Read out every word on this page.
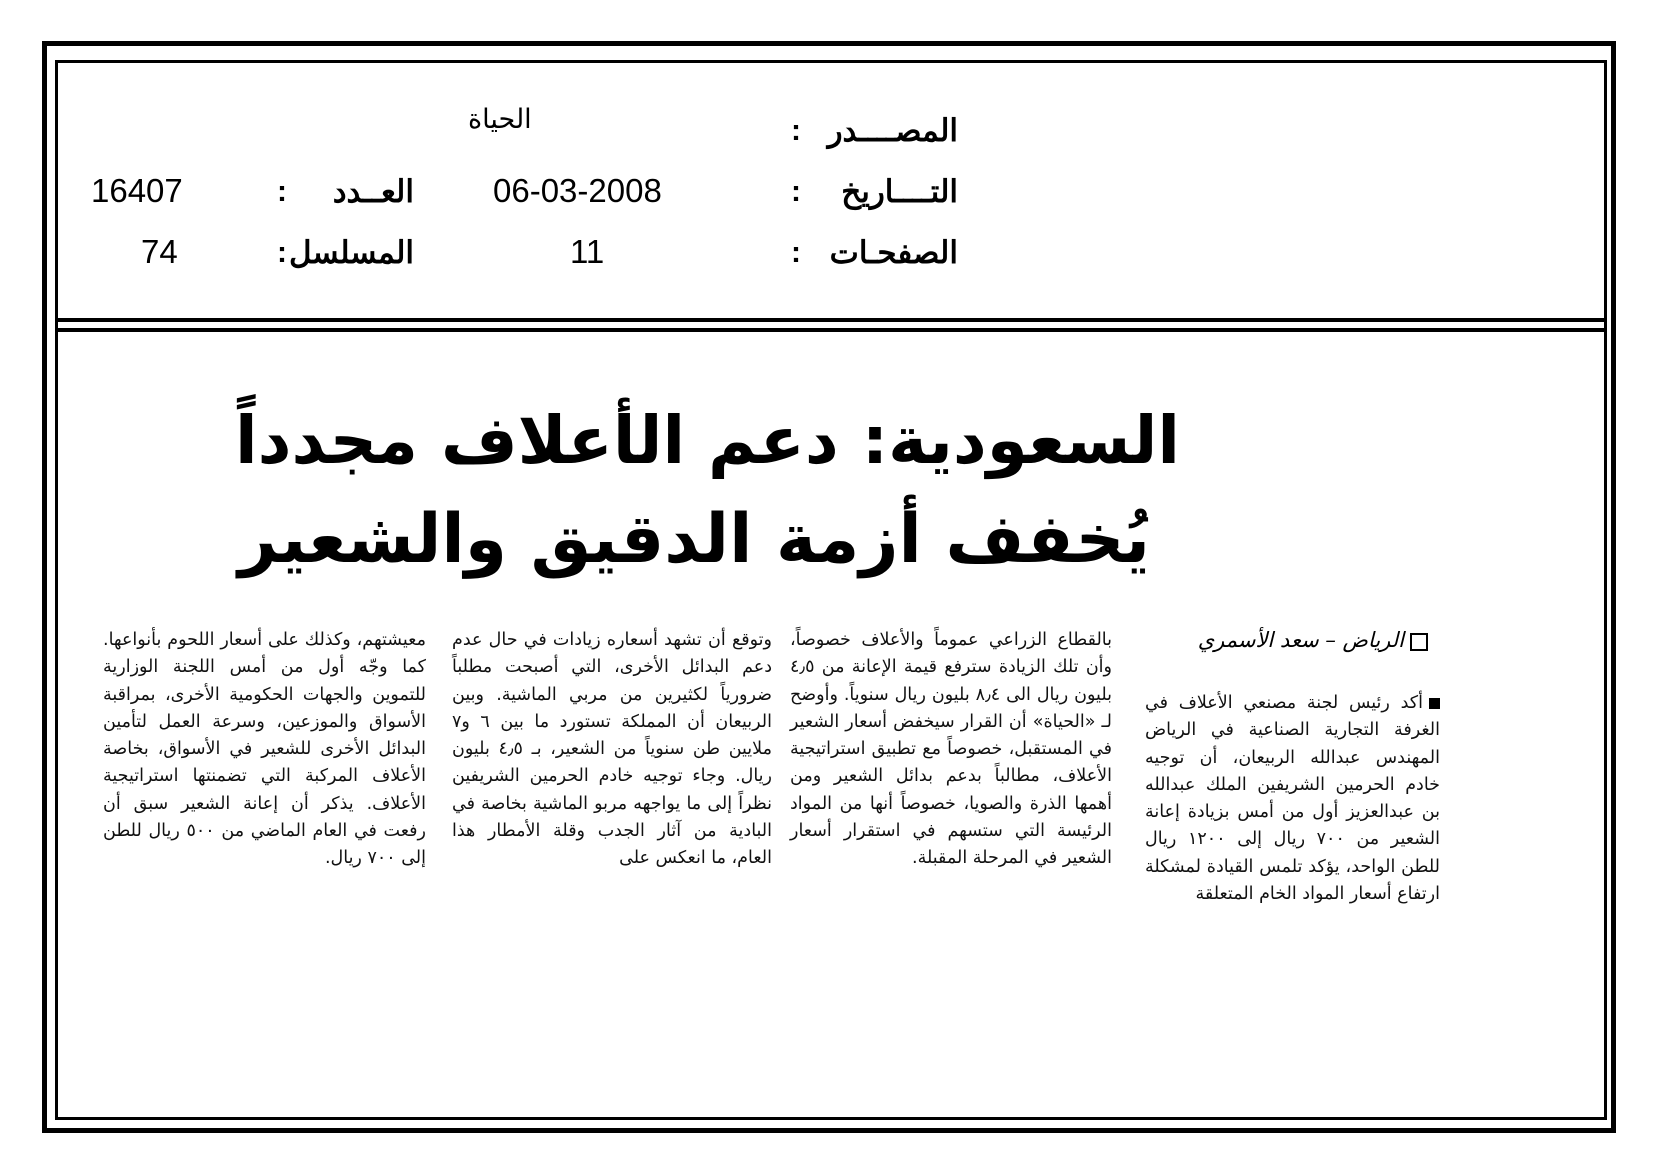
المصــــدر
:
الحياة
التــــاريخ
:
06-03-2008
الصفحـات
:
11
العــدد
:
16407
المسلسل
:
74
السعودية: دعم الأعلاف مجدداً
يُخفف أزمة الدقيق والشعير
الرياض – سعد الأسمري

أكد رئيس لجنة مصنعي الأعلاف في الغرفة التجارية الصناعية في الرياض المهندس عبدالله الربيعان، أن توجيه خادم الحرمين الشريفين الملك عبدالله بن عبدالعزيز أول من أمس بزيادة إعانة الشعير من ٧٠٠ ريال إلى ١٢٠٠ ريال للطن الواحد، يؤكد تلمس القيادة لمشكلة ارتفاع أسعار المواد الخام المتعلقة

بالقطاع الزراعي عموماً والأعلاف خصوصاً، وأن تلك الزيادة سترفع قيمة الإعانة من ٤٫٥ بليون ريال الى ٨٫٤ بليون ريال سنوياً. وأوضح لـ «الحياة» أن القرار سيخفض أسعار الشعير في المستقبل، خصوصاً مع تطبيق استراتيجية الأعلاف، مطالباً بدعم بدائل الشعير ومن أهمها الذرة والصويا، خصوصاً أنها من المواد الرئيسة التي ستسهم في استقرار أسعار الشعير في المرحلة المقبلة.

وتوقع أن تشهد أسعاره زيادات في حال عدم دعم البدائل الأخرى، التي أصبحت مطلباً ضرورياً لكثيرين من مربي الماشية. وبين الربيعان أن المملكة تستورد ما بين ٦ و٧ ملايين طن سنوياً من الشعير، بـ ٤٫٥ بليون ريال. وجاء توجيه خادم الحرمين الشريفين نظراً إلى ما يواجهه مربو الماشية بخاصة في البادية من آثار الجدب وقلة الأمطار هذا العام، ما انعكس على

معيشتهم، وكذلك على أسعار اللحوم بأنواعها. كما وجّه أول من أمس اللجنة الوزارية للتموين والجهات الحكومية الأخرى، بمراقبة الأسواق والموزعين، وسرعة العمل لتأمين البدائل الأخرى للشعير في الأسواق، بخاصة الأعلاف المركبة التي تضمنتها استراتيجية الأعلاف. يذكر أن إعانة الشعير سبق أن رفعت في العام الماضي من ٥٠٠ ريال للطن إلى ٧٠٠ ريال.
